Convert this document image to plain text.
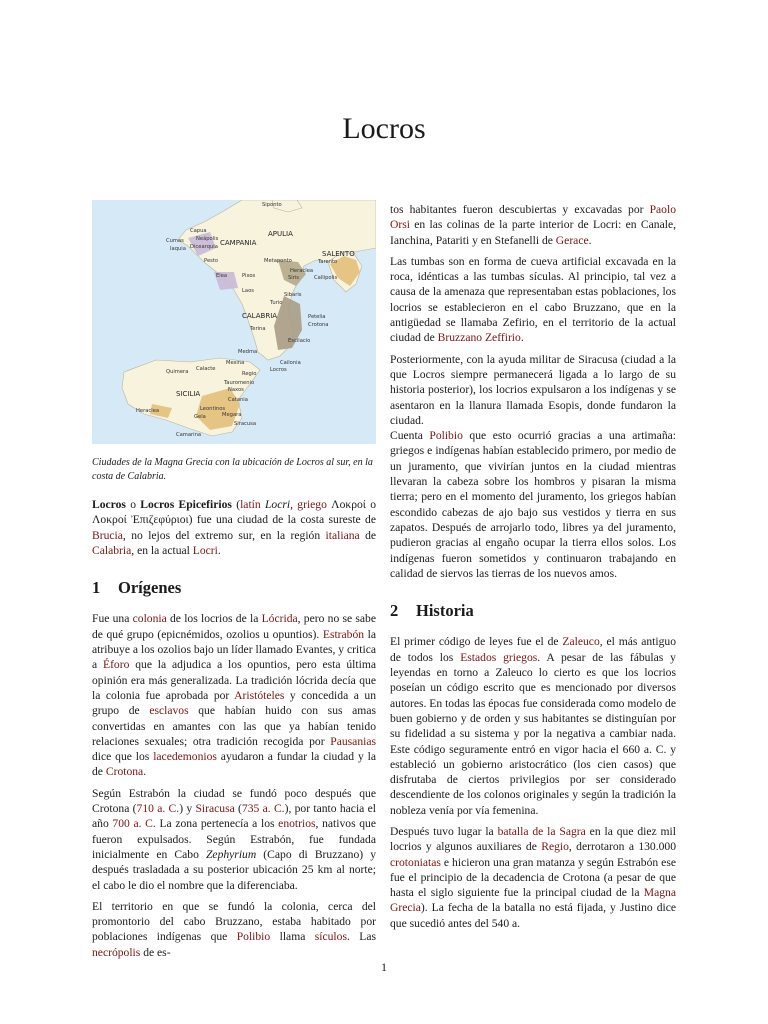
Locros
Siponto
Capua
Cumas Neápolis
Dicearquia
Iaquia
CAMPANIA
APULIA
SALENTO
Tarento
Metaponto
Heraclea
Siris	Callipolis
Pesto
Elea	Pixos
Laos
Sibaris
Turio
CALABRIA
Terina
Petelia
Crotona
Escilacio
Medma
Mesina	Cailonia
Locros
Regio
Tauromenio
Quimera Calacte
Naxos
SICILIA
Catania
Heraclea	Leontinos
Megara
Siracusa
Gela
Camarina
Ciudades de la Magna Grecia con la ubicación de Locros al sur, en la costa de Calabria.

Locros o Locros Epicefirios (latín Locri, griego Λοκροί ο Λοκροί Ἐπιζεφύριοι) fue una ciudad de la costa sureste de Brucia, no lejos del extremo sur, en la región italiana de Calabria, en la actual Locri.

1 Orígenes

Fue una colonia de los locrios de la Lócrida, pero no se sabe de qué grupo (epicnémidos, ozolios u opuntios). Estrabón la atribuye a los ozolios bajo un líder llamado Evantes, y critica a Éforo que la adjudica a los opuntios, pero esta última opinión era más generalizada. La tradición lócrida decía que la colonia fue aprobada por Aristóteles y concedida a un grupo de esclavos que habían huido con sus amas convertidas en amantes con las que ya habían tenido relaciones sexuales; otra tradición recogida por Pausanias dice que los lacedemonios ayudaron a fundar la ciudad y la de Crotona.

Según Estrabón la ciudad se fundó poco después que Crotona (710 a. C.) y Siracusa (735 a. C.), por tanto hacia el año 700 a. C. La zona pertenecía a los enotrios, nativos que fueron expulsados. Según Estrabón, fue fundada inicialmente en Cabo Zephyrium (Capo di Bruzzano) y después trasladada a su posterior ubicación 25 km al norte; el cabo le dio el nombre que la diferenciaba.

El territorio en que se fundó la colonia, cerca del promontorio del cabo Bruzzano, estaba habitado por poblaciones indígenas que Polibio llama sículos. Las necrópolis de es-

tos habitantes fueron descubiertas y excavadas por Paolo Orsi en las colinas de la parte interior de Locri: en Canale, Ianchina, Patariti y en Stefanelli de Gerace.

Las tumbas son en forma de cueva artificial excavada en la roca, idénticas a las tumbas sículas. Al principio, tal vez a causa de la amenaza que representaban estas poblaciones, los locrios se establecieron en el cabo Bruzzano, que en la antigüedad se llamaba Zefirio, en el territorio de la actual ciudad de Bruzzano Zeffirio.

Posteriormente, con la ayuda militar de Siracusa (ciudad a la que Locros siempre permanecerá ligada a lo largo de su historia posterior), los locrios expulsaron a los indígenas y se asentaron en la llanura llamada Esopis, donde fundaron la ciudad.

Cuenta Polibio que esto ocurrió gracias a una artimaña: griegos e indígenas habían establecido primero, por medio de un juramento, que vivirían juntos en la ciudad mientras llevaran la cabeza sobre los hombros y pisaran la misma tierra; pero en el momento del juramento, los griegos habían escondido cabezas de ajo bajo sus vestidos y tierra en sus zapatos. Después de arrojarlo todo, libres ya del juramento, pudieron gracias al engaño ocupar la tierra ellos solos. Los indígenas fueron sometidos y continuaron trabajando en calidad de siervos las tierras de los nuevos amos.

2 Historia

El primer código de leyes fue el de Zaleuco, el más antiguo de todos los Estados griegos. A pesar de las fábulas y leyendas en torno a Zaleuco lo cierto es que los locrios poseían un código escrito que es mencionado por diversos autores. En todas las épocas fue considerada como modelo de buen gobierno y de orden y sus habitantes se distinguían por su fidelidad a su sistema y por la negativa a cambiar nada. Este código seguramente entró en vigor hacia el 660 a. C. y estableció un gobierno aristocrático (los cien casos) que disfrutaba de ciertos privilegios por ser considerado descendiente de los colonos originales y según la tradición la nobleza venía por vía femenina.

Después tuvo lugar la batalla de la Sagra en la que diez mil locrios y algunos auxiliares de Regio, derrotaron a 130.000 crotoniatas e hicieron una gran matanza y según Estrabón ese fue el principio de la decadencia de Crotona (a pesar de que hasta el siglo siguiente fue la principal ciudad de la Magna Grecia). La fecha de la batalla no está fijada, y Justino dice que sucedió antes del 540 a.

1
